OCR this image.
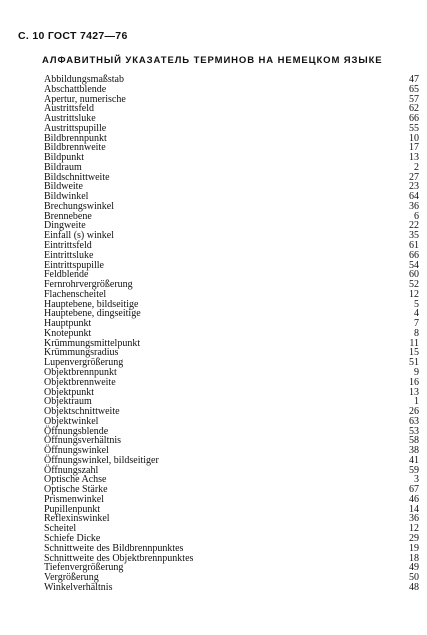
С. 10 ГОСТ 7427—76
АЛФАВИТНЫЙ УКАЗАТЕЛЬ ТЕРМИНОВ НА НЕМЕЦКОМ ЯЗЫКЕ
Abbildungsmaßstab	47
Abschattblende	65
Apertur, numerische	57
Austrittsfeld	62
Austrittsluke	66
Austrittspupille	55
Bildbrennpunkt	10
Bildbrennweite	17
Bildpunkt	13
Bildraum	2
Bildschnittweite	27
Bildweite	23
Bildwinkel	64
Brechungswinkel	36
Brennebene	6
Dingweite	22
Einfall (s) winkel	35
Eintrittsfeld	61
Eintrittsluke	66
Eintrittspupille	54
Feldblende	60
Fernrohrvergrößerung	52
Flachenscheitel	12
Hauptebene, bildseitige	5
Hauptebene, dingseitige	4
Hauptpunkt	7
Knotepunkt	8
Krümmungsmittelpunkt	11
Krümmungsradius	15
Lupenvergrößerung	51
Objektbrennpunkt	9
Objektbrennweite	16
Objektpunkt	13
Objektraum	1
Objektschnittweite	26
Objektwinkel	63
Öffnungsblende	53
Öffnungsverhältnis	58
Öffnungswinkel	38
Öffnungswinkel, bildseitiger	41
Öffnungszahl	59
Optische Achse	3
Optische Stärke	67
Prismenwinkel	46
Pupillenpunkt	14
Reflexinswinkel	36
Scheitel	12
Schiefe Dicke	29
Schnittweite des Bildbrennpunktes	19
Schnittweite des Objektbrennpunktes	18
Tiefenvergrößerung	49
Vergrößerung	50
Winkelverhältnis	48
